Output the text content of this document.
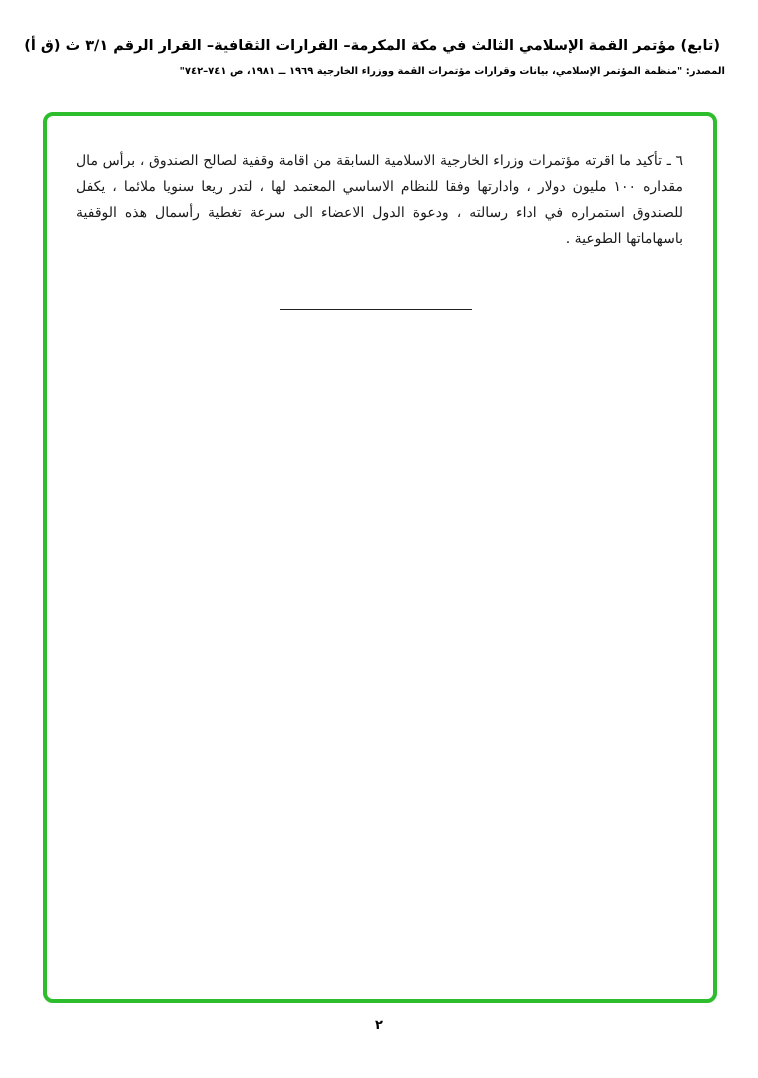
(تابع) مؤتمر القمة الإسلامي الثالث في مكة المكرمة– القرارات الثقافية– القرار الرقم ٣/١ ث (ق أ)
المصدر: "منظمة المؤتمر الإسلامي، بيانات وقرارات مؤتمرات القمة ووزراء الخارجية ١٩٦٩ ــ ١٩٨١، ص ٧٤١–٧٤٢"
٦ ـ تأكيد ما اقرته مؤتمرات وزراء الخارجية الاسلامية السابقة من اقامة وقفية لصالح الصندوق ، برأس مال مقداره ١٠٠ مليون دولار ، وادارتها وفقا للنظام الاساسي المعتمد لها ، لتدر ريعا سنويا ملائما ، يكفل للصندوق استمراره في اداء رسالته ، ودعوة الدول الاعضاء الى سرعة تغطية رأسمال هذه الوقفية باسهاماتها الطوعية .
٢
